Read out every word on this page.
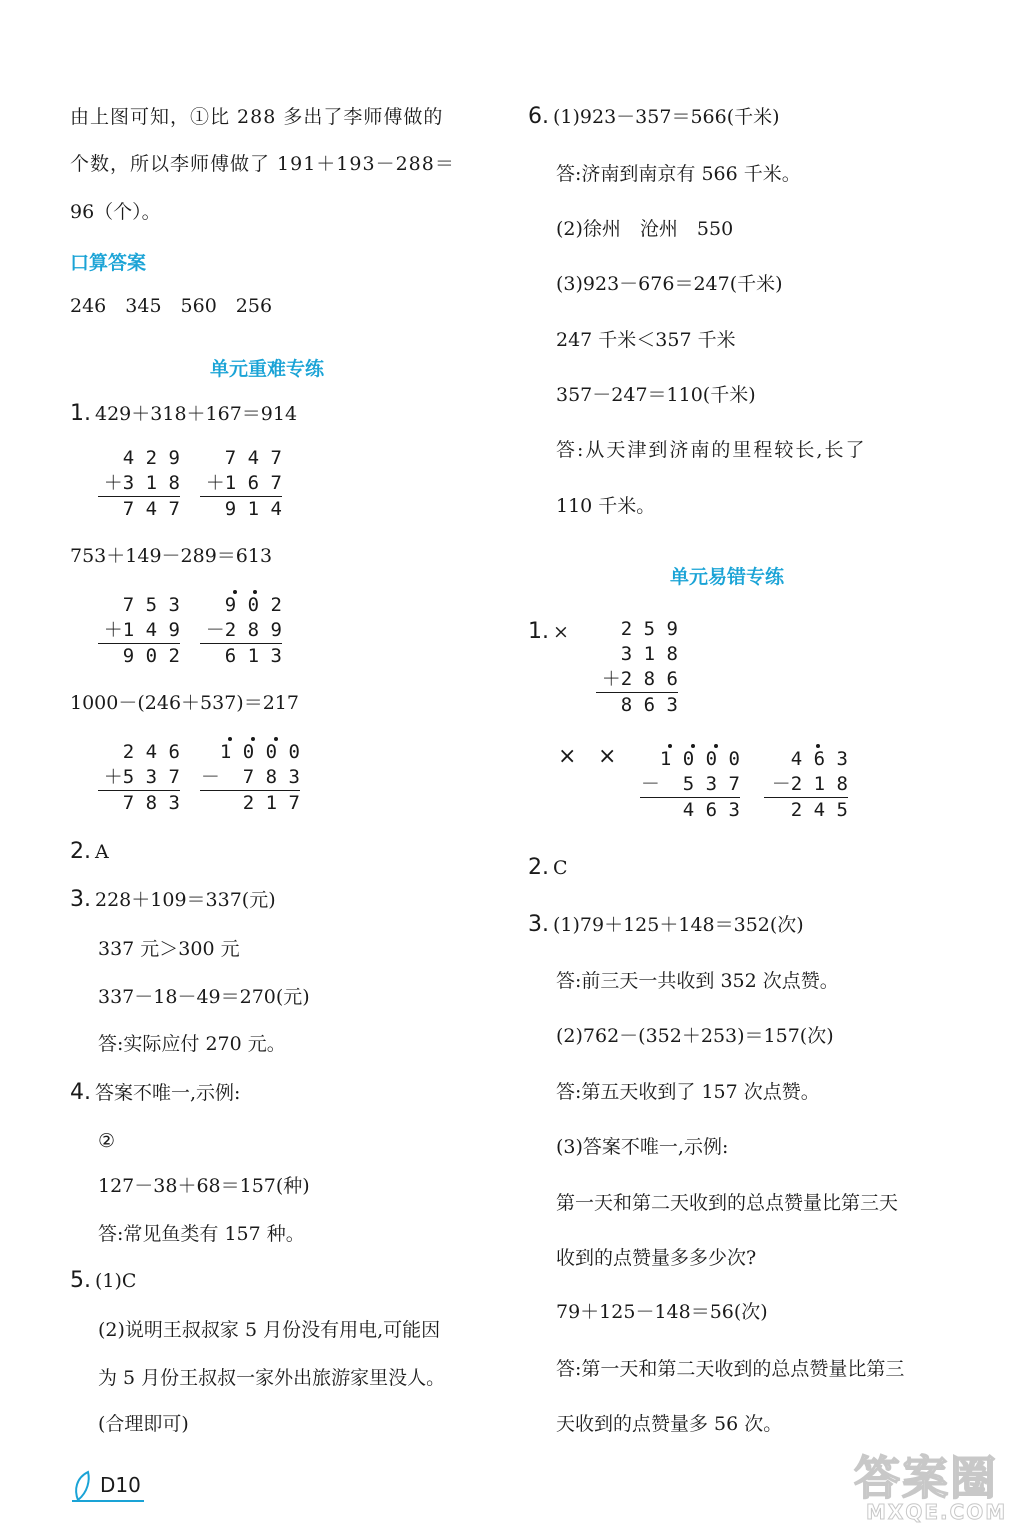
由上图可知，①比 288 多出了李师傅做的
个数，所以李师傅做了 191＋193－288＝
96（个）。
口算答案
246　345　560　256
单元重难专练
1. 429＋318＋167＝914
4 2 9
＋3 1 8
7 4 7
7 4 7
＋1 6 7
9 1 4
753＋149－289＝613
7 5 3
＋1 4 9
9 0 2
9 0 2
－2 8 9
6 1 3
1000－(246＋537)＝217
2 4 6
＋5 3 7
7 8 3
1 0 0 0
－  7 8 3
2 1 7
2. A
3. 228＋109＝337(元)
337 元＞300 元
337－18－49＝270(元)
答:实际应付 270 元。
4. 答案不唯一,示例:
②
127－38＋68＝157(种)
答:常见鱼类有 157 种。
5. (1)C
(2)说明王叔叔家 5 月份没有用电,可能因
为 5 月份王叔叔一家外出旅游家里没人。
(合理即可)
6. (1)923－357＝566(千米)
答:济南到南京有 566 千米。
(2)徐州　沧州　550
(3)923－676＝247(千米)
247 千米＜357 千米
357－247＝110(千米)
答:从天津到济南的里程较长,长了
110 千米。
单元易错专练
1. ×	2 5 9
3 1 8
＋2 8 6
8 6 3
× ×	1 0 0 0
－  5 3 7
4 6 3
4 6 3
－2 1 8
2 4 5
2. C
3. (1)79＋125＋148＝352(次)
答:前三天一共收到 352 次点赞。
(2)762－(352＋253)＝157(次)
答:第五天收到了 157 次点赞。
(3)答案不唯一,示例:
第一天和第二天收到的总点赞量比第三天
收到的点赞量多多少次?
79＋125－148＝56(次)
答:第一天和第二天收到的总点赞量比第三
天收到的点赞量多 56 次。
D10	答案圈
MXQE.COM
